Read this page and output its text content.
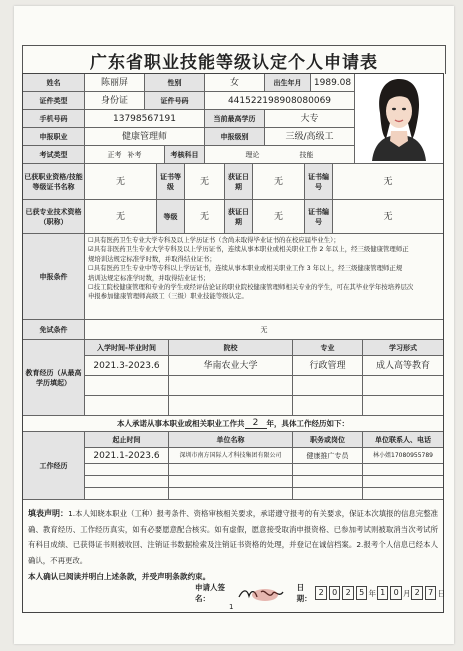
广东省职业技能等级认定个人申请表
姓名	陈丽屏	性别	女	出生年月	1989.08
证件类型	身份证	证件号码	441522198908080069
手机号码	13798567191	当前最高学历	大专
申报职业	健康管理师	申报级别	三级/高级工
考试类型	正考 补考	考核科目	理论	技能
已获职业资格/技能等级证书名称	无	证书等级	无	获证日期	无	证书编号	无
已获专业技术资格（职称）	无	等级	无	获证日期	无	证书编号	无
申报条件
☐具有医药卫生专业大学专科及以上学历证书（含尚未取得毕业证书的在校应届毕业生）；
☑具有非医药卫生专业大学专科及以上学历证书，连续从事本职业或相关职业工作 2 年以上，经三级健康管理师正
规培训达规定标准学时数，并取得结业证书；
☐具有医药卫生专业中等专科以上学历证书，连续从事本职业或相关职业工作 3 年以上，经三级健康管理师正规
培训达规定标准学时数，并取得结业证书；
☐技工院校健康管理和专业的学生或经评估论证的职业院校健康管理师相关专业的学生，可在其毕业学年按培养层次
申报参加健康管理师高级工（三级）职业技能等级认定。
免试条件	无
教育经历（从最高学历填起）
入学时间-毕业时间	院校	专业	学习形式
2021.3-2023.6	华南农业大学	行政管理	成人高等教育
本人承诺从事本职业或相关职业工作共 2	年，具体工作经历如下：
工作经历
起止时间	单位名称	职务或岗位	单位联系人、电话
2021.1-2023.6	深圳市南方国际人才科技集团有限公司	健康推广专员	林小姐17080955789
填表声明：1.本人知晓本职业（工种）报考条件、资格审核相关要求，承诺遵守报考的有关要求，保证本次填报的信息完整准确、教育经历、工作经历真实，如有必要愿意配合核实。如有虚假，愿意接受取消申报资格、已参加考试则被取消当次考试所有科目成绩、已获得证书则被收回、注销证书数据检索及注销证书资格的处理，并登记在诚信档案。2.报考个人信息已经本人确认，不再更改。
本人确认已阅读并明白上述条款，并受声明条款约束。
申请人签名：
日期：
2	0	2	5 年 1	0 月 2	7 日
1
